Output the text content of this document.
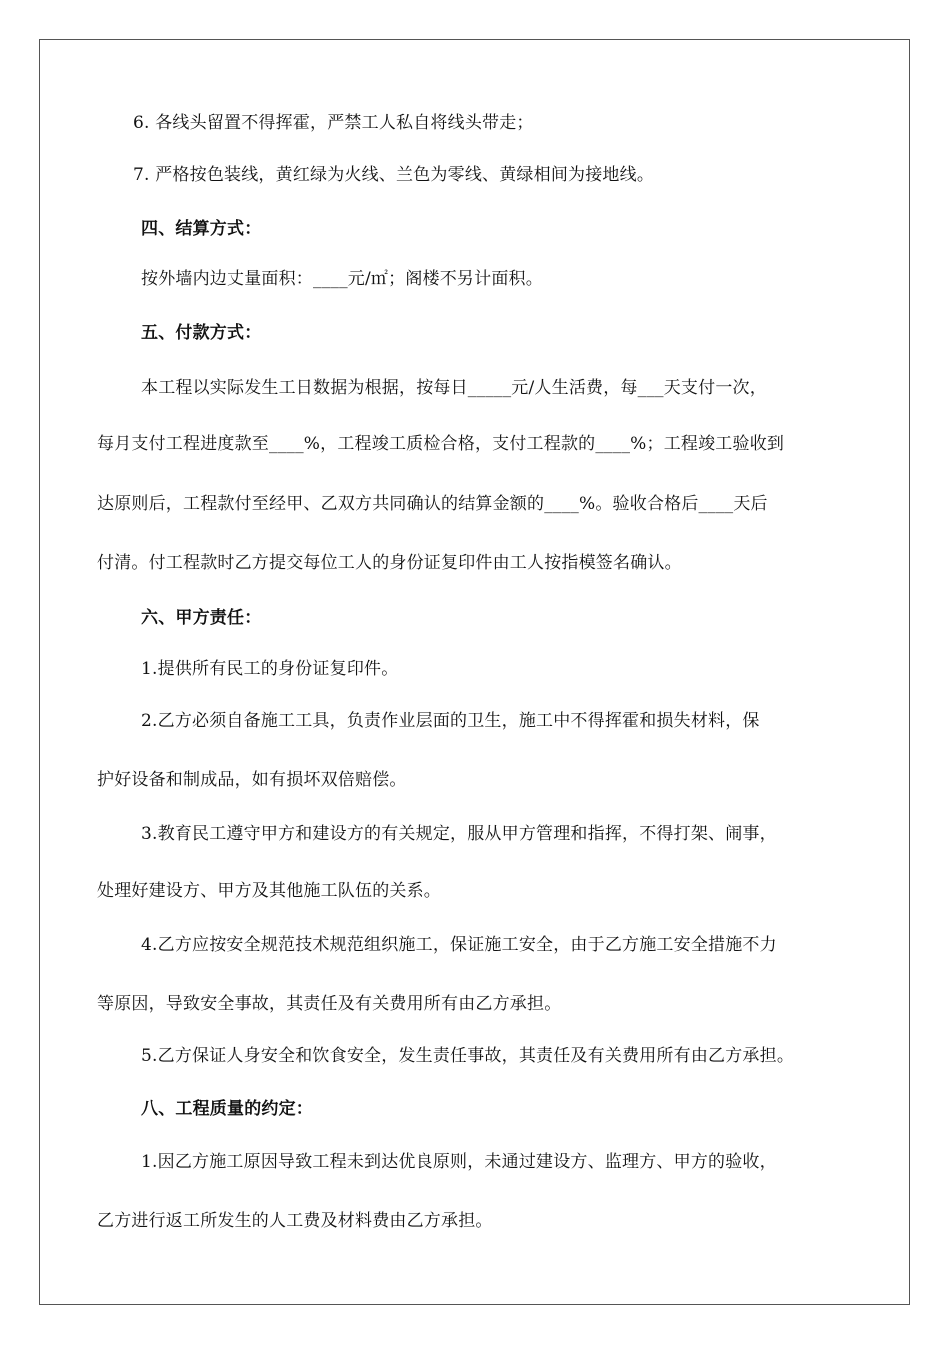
6. 各线头留置不得挥霍，严禁工人私自将线头带走；
7. 严格按色装线，黄红绿为火线、兰色为零线、黄绿相间为接地线。
四、结算方式：
按外墙内边丈量面积：____元/㎡；阁楼不另计面积。
五、付款方式：
本工程以实际发生工日数据为根据，按每日_____元/人生活费，每___天支付一次，
每月支付工程进度款至____%，工程竣工质检合格，支付工程款的____%；工程竣工验收到
达原则后，工程款付至经甲、乙双方共同确认的结算金额的____%。验收合格后____天后
付清。付工程款时乙方提交每位工人的身份证复印件由工人按指模签名确认。
六、甲方责任：
1.提供所有民工的身份证复印件。
2.乙方必须自备施工工具，负责作业层面的卫生，施工中不得挥霍和损失材料，保
护好设备和制成品，如有损坏双倍赔偿。
3.教育民工遵守甲方和建设方的有关规定，服从甲方管理和指挥，不得打架、闹事，
处理好建设方、甲方及其他施工队伍的关系。
4.乙方应按安全规范技术规范组织施工，保证施工安全，由于乙方施工安全措施不力
等原因，导致安全事故，其责任及有关费用所有由乙方承担。
5.乙方保证人身安全和饮食安全，发生责任事故，其责任及有关费用所有由乙方承担。
八、工程质量的约定：
1.因乙方施工原因导致工程未到达优良原则，未通过建设方、监理方、甲方的验收，
乙方进行返工所发生的人工费及材料费由乙方承担。
